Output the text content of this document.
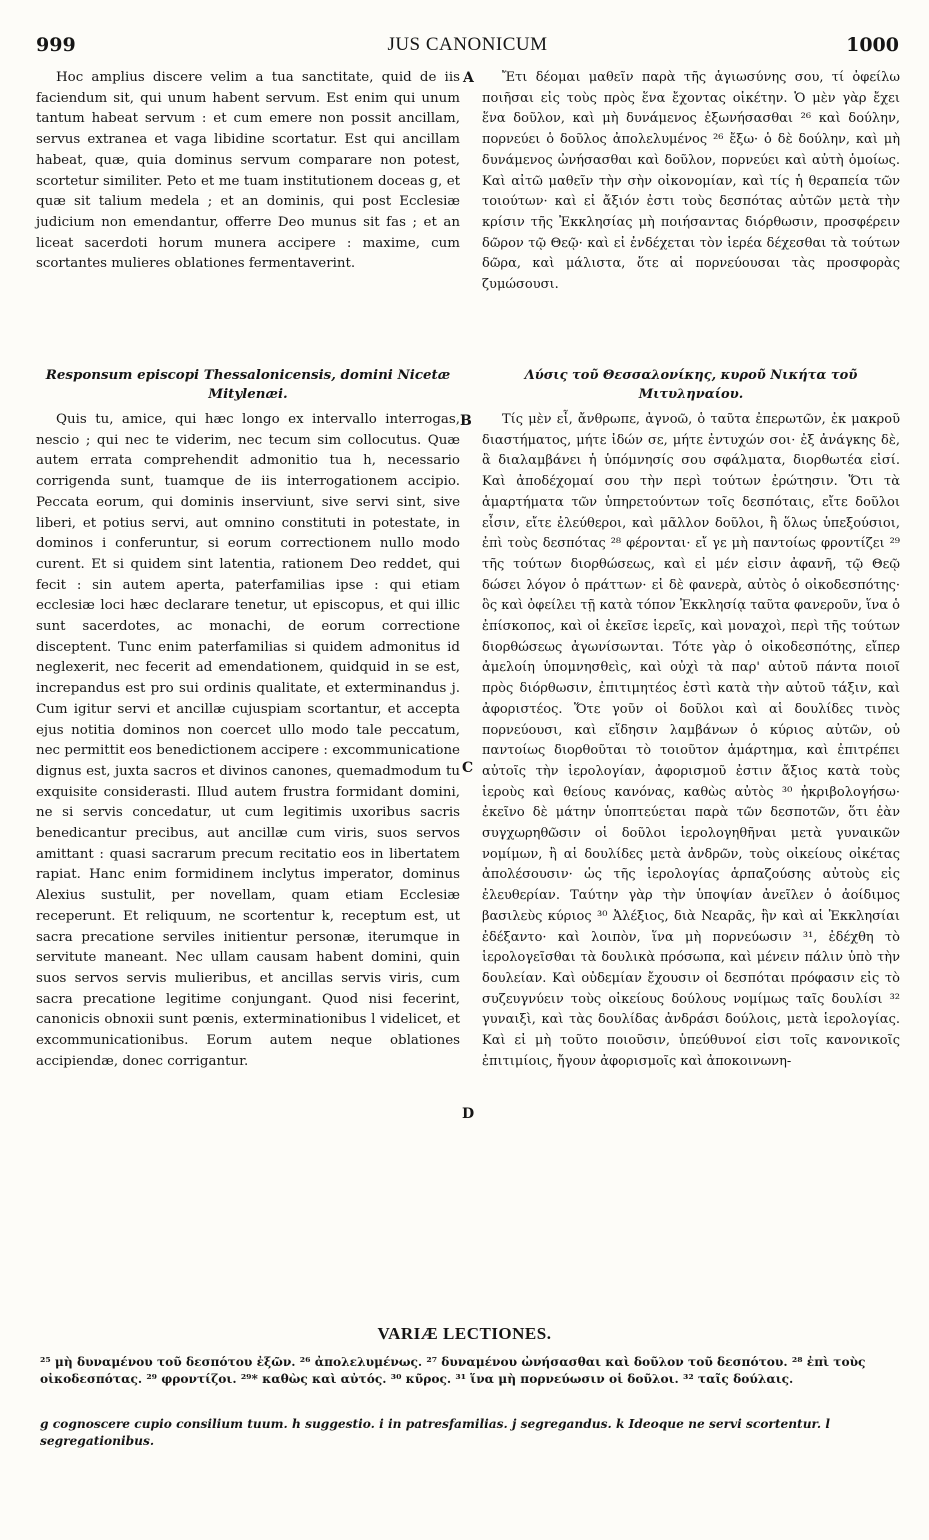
999	JUS CANONICUM	1000

Hoc amplius discere velim a tua sanctitate, quid de iis faciendum sit, qui unum habent servum. Est enim qui unum tantum habeat servum : et cum emere non possit ancillam, servus extranea et vaga libidine scortatur. Est qui ancillam habeat, quæ, quia dominus servum comparare non potest, scortetur similiter. Peto et me tuam institutionem doceas g, et quæ sit talium medela ; et an dominis, qui post Ecclesiæ judicium non emendantur, offerre Deo munus sit fas ; et an liceat sacerdoti horum munera accipere : maxime, cum scortantes mulieres oblationes fermentaverint.

Responsum episcopi Thessalonicensis, domini Nicetæ Mitylenæi.

Quis tu, amice, qui hæc longo ex intervallo interrogas, nescio ; qui nec te viderim, nec tecum sim collocutus. Quæ autem errata comprehendit admonitio tua h, necessario corrigenda sunt, tuamque de iis interrogationem accipio. Peccata eorum, qui dominis inserviunt, sive servi sint, sive liberi, et potius servi, aut omnino constituti in potestate, in dominos i conferuntur, si eorum correctionem nullo modo curent. Et si quidem sint latentia, rationem Deo reddet, qui fecit : sin autem aperta, paterfamilias ipse : qui etiam ecclesiæ loci hæc declarare tenetur, ut episcopus, et qui illic sunt sacerdotes, ac monachi, de eorum correctione disceptent. Tunc enim paterfamilias si quidem admonitus id neglexerit, nec fecerit ad emendationem, quidquid in se est, increpandus est pro sui ordinis qualitate, et exterminandus j. Cum igitur servi et ancillæ cujuspiam scortantur, et accepta ejus notitia dominos non coercet ullo modo tale peccatum, nec permittit eos benedictionem accipere : excommunicatione dignus est, juxta sacros et divinos canones, quemadmodum tu exquisite considerasti. Illud autem frustra formidant domini, ne si servis concedatur, ut cum legitimis uxoribus sacris benedicantur precibus, aut ancillæ cum viris, suos servos amittant : quasi sacrarum precum recitatio eos in libertatem rapiat. Hanc enim formidinem inclytus imperator, dominus Alexius sustulit, per novellam, quam etiam Ecclesiæ receperunt. Et reliquum, ne scortentur k, receptum est, ut sacra precatione serviles initientur personæ, iterumque in servitute maneant. Nec ullam causam habent domini, quin suos servos servis mulieribus, et ancillas servis viris, cum sacra precatione legitime conjungant. Quod nisi fecerint, canonicis obnoxii sunt pœnis, exterminationibus l videlicet, et excommunicationibus. Eorum autem neque oblationes accipiendæ, donec corrigantur.

Ἔτι δέομαι μαθεῖν παρὰ τῆς ἁγιωσύνης σου, τί ὀφείλω ποιῆσαι εἰς τοὺς πρὸς ἕνα ἔχοντας οἰκέτην. Ὁ μὲν γὰρ ἔχει ἕνα δοῦλον, καὶ μὴ δυνάμενος ἐξωνήσασθαι ²⁶ καὶ δούλην, πορνεύει ὁ δοῦλος ἀπολελυμένος ²⁶ ἔξω· ὁ δὲ δούλην, καὶ μὴ δυνάμενος ὠνήσασθαι καὶ δοῦλον, πορνεύει καὶ αὐτὴ ὁμοίως. Καὶ αἰτῶ μαθεῖν τὴν σὴν οἰκονομίαν, καὶ τίς ἡ θεραπεία τῶν τοιούτων· καὶ εἰ ἄξιόν ἐστι τοὺς δεσπότας αὐτῶν μετὰ τὴν κρίσιν τῆς Ἐκκλησίας μὴ ποιήσαντας διόρθωσιν, προσφέρειν δῶρον τῷ Θεῷ· καὶ εἰ ἐνδέχεται τὸν ἱερέα δέχεσθαι τὰ τούτων δῶρα, καὶ μάλιστα, ὅτε αἱ πορνεύουσαι τὰς προσφορὰς ζυμώσουσι.

Λύσις τοῦ Θεσσαλονίκης, κυροῦ Νικήτα τοῦ Μιτυληναίου.

Τίς μὲν εἶ, ἄνθρωπε, ἀγνοῶ, ὁ ταῦτα ἐπερωτῶν, ἐκ μακροῦ διαστήματος, μήτε ἰδών σε, μήτε ἐντυχών σοι· ἐξ ἀνάγκης δὲ, ἃ διαλαμβάνει ἡ ὑπόμνησίς σου σφάλματα, διορθωτέα εἰσί. Καὶ ἀποδέχομαί σου τὴν περὶ τούτων ἐρώτησιν. Ὅτι τὰ ἁμαρτήματα τῶν ὑπηρετούντων τοῖς δεσπόταις, εἴτε δοῦλοι εἶσιν, εἴτε ἐλεύθεροι, καὶ μᾶλλον δοῦλοι, ἢ ὅλως ὑπεξούσιοι, ἐπὶ τοὺς δεσπότας ²⁸ φέρονται· εἴ γε μὴ παντοίως φροντίζει ²⁹ τῆς τούτων διορθώσεως, καὶ εἰ μέν εἰσιν ἀφανῆ, τῷ Θεῷ δώσει λόγον ὁ πράττων· εἰ δὲ φανερὰ, αὐτὸς ὁ οἰκοδεσπότης· ὃς καὶ ὀφείλει τῇ κατὰ τόπον Ἐκκλησίᾳ ταῦτα φανεροῦν, ἵνα ὁ ἐπίσκοπος, καὶ οἱ ἐκεῖσε ἱερεῖς, καὶ μοναχοὶ, περὶ τῆς τούτων διορθώσεως ἀγωνίσωνται. Τότε γὰρ ὁ οἰκοδεσπότης, εἴπερ ἀμελοίη ὑπομνησθεὶς, καὶ οὐχὶ τὰ παρ' αὐτοῦ πάντα ποιοῖ πρὸς διόρθωσιν, ἐπιτιμητέος ἐστὶ κατὰ τὴν αὐτοῦ τάξιν, καὶ ἀφοριστέος. Ὅτε γοῦν οἱ δοῦλοι καὶ αἱ δουλίδες τινὸς πορνεύουσι, καὶ εἴδησιν λαμβάνων ὁ κύριος αὐτῶν, οὐ παντοίως διορθοῦται τὸ τοιοῦτον ἁμάρτημα, καὶ ἐπιτρέπει αὐτοῖς τὴν ἱερολογίαν, ἀφορισμοῦ ἐστιν ἄξιος κατὰ τοὺς ἱεροὺς καὶ θείους κανόνας, καθὼς αὐτὸς ³⁰ ἠκριβολογήσω· ἐκεῖνο δὲ μάτην ὑποπτεύεται παρὰ τῶν δεσποτῶν, ὅτι ἐὰν συγχωρηθῶσιν οἱ δοῦλοι ἱερολογηθῆναι μετὰ γυναικῶν νομίμων, ἢ αἱ δουλίδες μετὰ ἀνδρῶν, τοὺς οἰκείους οἰκέτας ἀπολέσουσιν· ὡς τῆς ἱερολογίας ἁρπαζούσης αὐτοὺς εἰς ἐλευθερίαν. Ταύτην γὰρ τὴν ὑποψίαν ἀνεῖλεν ὁ ἀοίδιμος βασιλεὺς κύριος ³⁰ Ἀλέξιος, διὰ Νεαρᾶς, ἣν καὶ αἱ Ἐκκλησίαι ἐδέξαντο· καὶ λοιπὸν, ἵνα μὴ πορνεύωσιν ³¹, ἐδέχθη τὸ ἱερολογεῖσθαι τὰ δουλικὰ πρόσωπα, καὶ μένειν πάλιν ὑπὸ τὴν δουλείαν. Καὶ οὐδεμίαν ἔχουσιν οἱ δεσπόται πρόφασιν εἰς τὸ συζευγνύειν τοὺς οἰκείους δούλους νομίμως ταῖς δουλίσι ³² γυναιξὶ, καὶ τὰς δουλίδας ἀνδράσι δούλοις, μετὰ ἱερολογίας. Καὶ εἰ μὴ τοῦτο ποιοῦσιν, ὑπεύθυνοί εἰσι τοῖς κανονικοῖς ἐπιτιμίοις, ἤγουν ἀφορισμοῖς καὶ ἀποκοινωνη-

A
B
C
D
VARIÆ LECTIONES.

²⁵ μὴ δυναμένου τοῦ δεσπότου ἐξῶν. ²⁶ ἀπολελυμένως. ²⁷ δυναμένου ὠνήσασθαι καὶ δοῦλον τοῦ δεσπότου. ²⁸ ἐπὶ τοὺς οἰκοδεσπότας. ²⁹ φροντίζοι. ²⁹* καθὼς καὶ αὐτός. ³⁰ κῦρος. ³¹ ἵνα μὴ πορνεύωσιν οἱ δοῦλοι. ³² ταῖς δούλαις.

g cognoscere cupio consilium tuum. h suggestio. i in patresfamilias. j segregandus. k Ideoque ne servi scortentur. l segregationibus.
